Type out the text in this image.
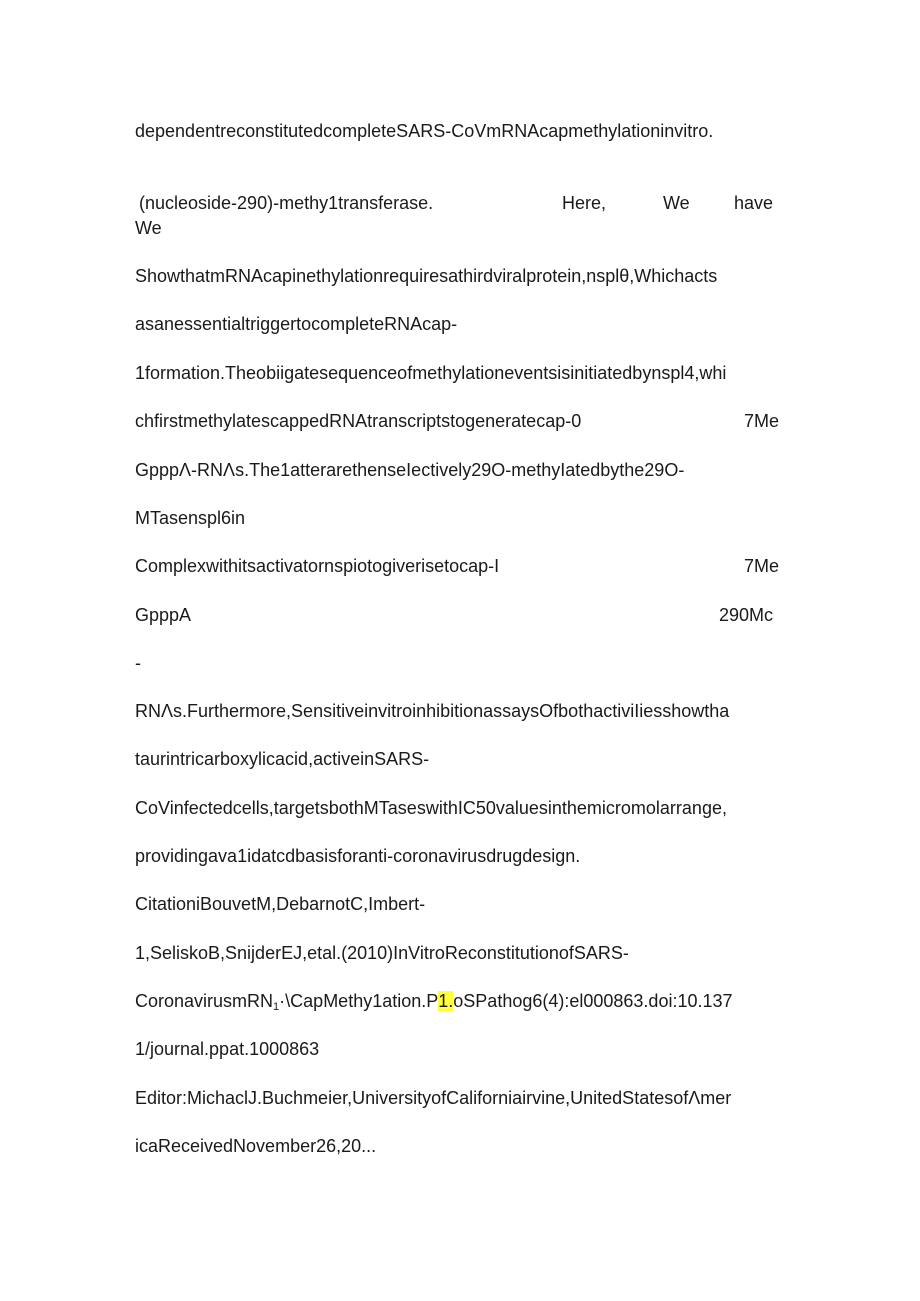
dependentreconstitutedcompleteSARS-CoVmRNAcapmethylationinvitro.
(nucleoside-290)-methy1transferase.	Here,	We have
We
ShowthatmRNAcapinethylationrequiresathirdviralprotein,nsplθ,Whichacts
asanessentialtriggertocompleteRNAcap-
1formation.Theobiigatesequenceofmethylationeventsisinitiatedbynspl4,whi
chfirstmethylatescappedRNAtranscriptstogeneratecap-0	7Me
GpppΛ-RNΛs.The1atterarethenseIectively29O-methyIatedbythe29O-
MTasenspl6in
Complexwithitsactivatornspiotogiverisetocap-I	7Me
GpppA	290Mc
-
RNΛs.Furthermore,SensitiveinvitroinhibitionassaysOfbothactiviIiesshowtha
taurintricarboxylicacid,activeinSARS-
CoVinfectedcells,targetsbothMTaseswithIC50valuesinthemicromolarrange,
providingava1idatcdbasisforanti-coronavirusdrugdesign.
CitationiBouvetM,DebarnotC,Imbert-
1,SeliskoB,SnijderEJ,etal.(2010)InVitroReconstitutionofSARS-
CoronavirusmRN$_1$·\CapMethy1ation.P1.oSPathog6(4):el000863.doi:10.137
1/journal.ppat.1000863
Editor:MichaclJ.Buchmeier,UniversityofCaliforniairvine,UnitedStatesofΛmer
icaReceivedNovember26,20...
